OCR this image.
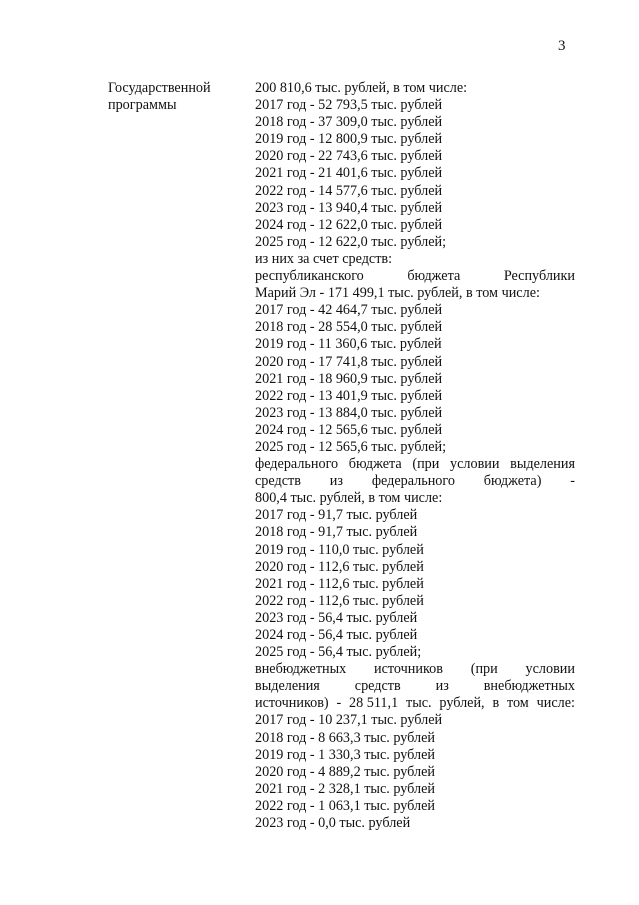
3
Государственной
программы
200 810,6 тыс. рублей, в том числе:
2017 год - 52 793,5 тыс. рублей
2018 год - 37 309,0 тыс. рублей
2019 год - 12 800,9 тыс. рублей
2020 год - 22 743,6 тыс. рублей
2021 год - 21 401,6 тыс. рублей
2022 год - 14 577,6 тыс. рублей
2023 год - 13 940,4 тыс. рублей
2024 год - 12 622,0 тыс. рублей
2025 год - 12 622,0 тыс. рублей;
из них за счет средств:
республиканского	бюджета	Республики
Марий Эл - 171 499,1 тыс. рублей, в том числе:
2017 год - 42 464,7 тыс. рублей
2018 год - 28 554,0 тыс. рублей
2019 год - 11 360,6 тыс. рублей
2020 год - 17 741,8 тыс. рублей
2021 год - 18 960,9 тыс. рублей
2022 год - 13 401,9 тыс. рублей
2023 год - 13 884,0 тыс. рублей
2024 год - 12 565,6 тыс. рублей
2025 год - 12 565,6 тыс. рублей;
федерального бюджета (при условии выделения
средств из федерального бюджета) -
800,4 тыс. рублей, в том числе:
2017 год - 91,7 тыс. рублей
2018 год - 91,7 тыс. рублей
2019 год - 110,0 тыс. рублей
2020 год - 112,6 тыс. рублей
2021 год - 112,6 тыс. рублей
2022 год - 112,6 тыс. рублей
2023 год - 56,4 тыс. рублей
2024 год - 56,4 тыс. рублей
2025 год - 56,4 тыс. рублей;
внебюджетных источников (при условии
выделения средств из внебюджетных
источников) - 28 511,1 тыс. рублей, в том числе:
2017 год - 10 237,1 тыс. рублей
2018 год - 8 663,3 тыс. рублей
2019 год - 1 330,3 тыс. рублей
2020 год - 4 889,2 тыс. рублей
2021 год - 2 328,1 тыс. рублей
2022 год - 1 063,1 тыс. рублей
2023 год - 0,0 тыс. рублей
